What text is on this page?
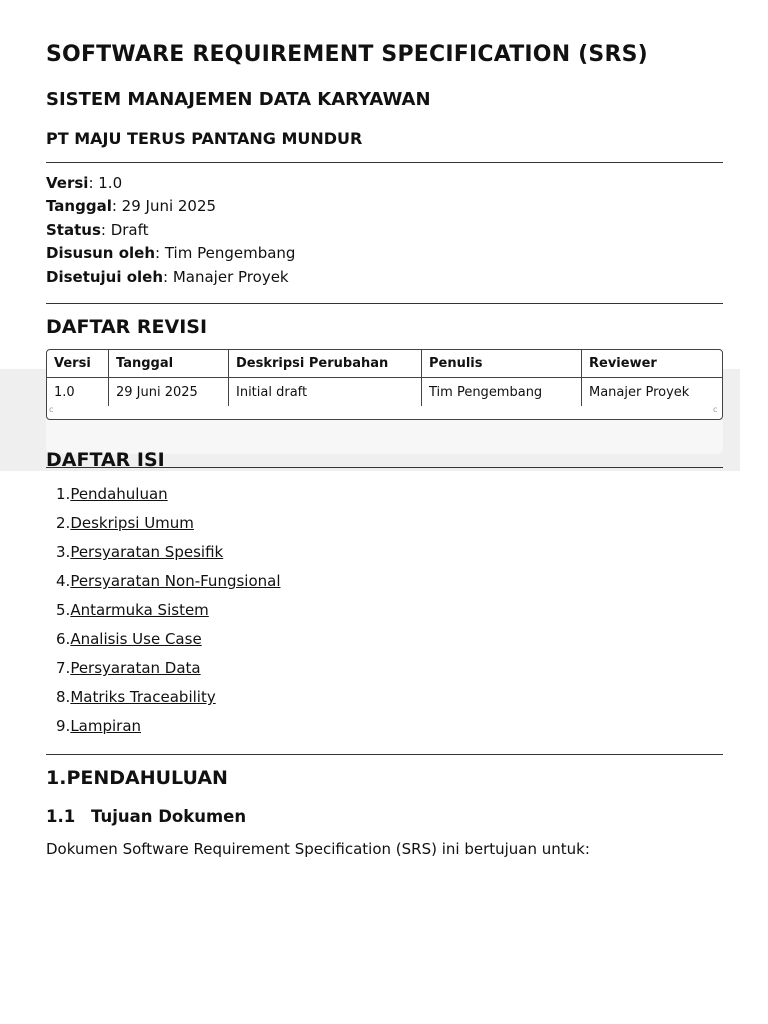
SOFTWARE REQUIREMENT SPECIFICATION (SRS)
SISTEM MANAJEMEN DATA KARYAWAN
PT MAJU TERUS PANTANG MUNDUR
Versi: 1.0
Tanggal: 29 Juni 2025
Status: Draft
Disusun oleh: Tim Pengembang
Disetujui oleh: Manajer Proyek
DAFTAR REVISI
Versi	Tanggal	Deskripsi Perubahan	Penulis	Reviewer
1.0	29 Juni 2025	Initial draft	Tim Pengembang	Manajer Proyek
c	c
DAFTAR ISI
1.Pendahuluan
2.Deskripsi Umum
3.Persyaratan Spesifik
4.Persyaratan Non-Fungsional
5.Antarmuka Sistem
6.Analisis Use Case
7.Persyaratan Data
8.Matriks Traceability
9.Lampiran
1.PENDAHULUAN
1.1 Tujuan Dokumen
Dokumen Software Requirement Specification (SRS) ini bertujuan untuk:
